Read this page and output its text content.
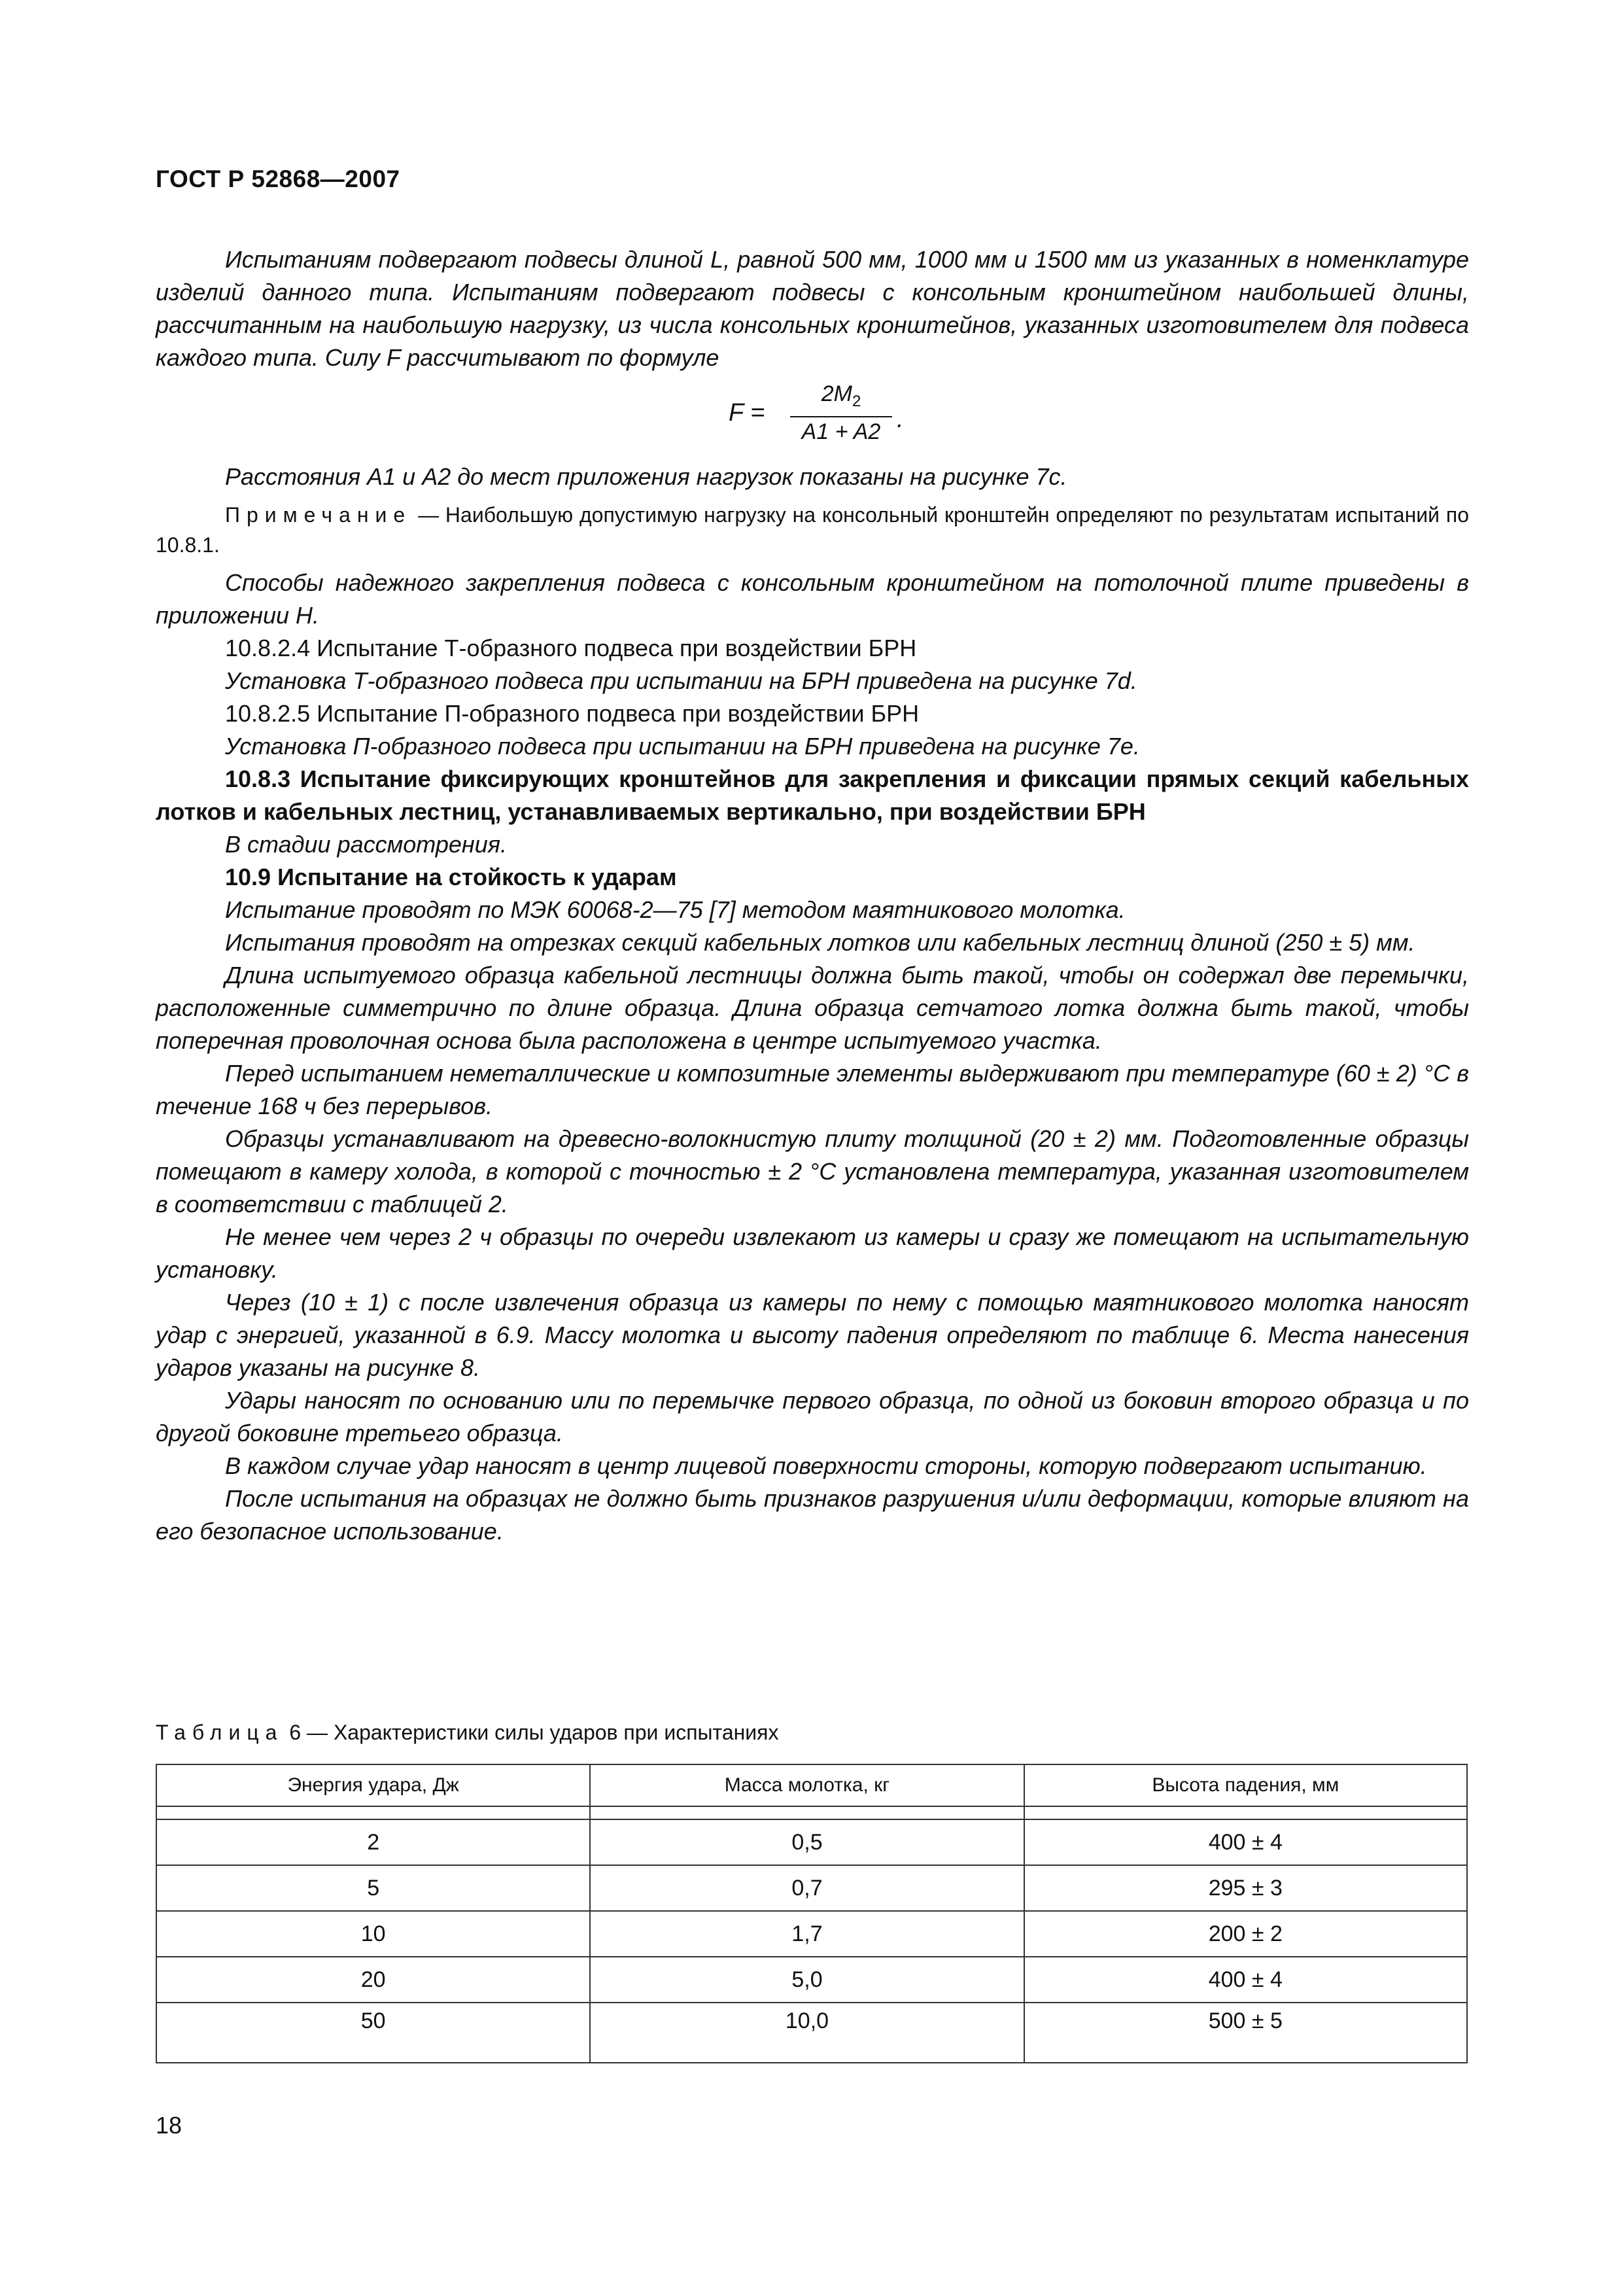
ГОСТ Р 52868—2007

Испытаниям подвергают подвесы длиной L, равной 500 мм, 1000 мм и 1500 мм из указанных в номенклатуре изделий данного типа. Испытаниям подвергают подвесы с консольным кронштейном наибольшей длины, рассчитанным на наибольшую нагрузку, из числа консольных кронштейнов, указанных изготовителем для подвеса каждого типа. Силу F рассчитывают по формуле

F =
$2M_2$
A1 + A2 .

Расстояния А1 и А2 до мест приложения нагрузок показаны на рисунке 7c.

Примечание — Наибольшую допустимую нагрузку на консольный кронштейн определяют по результатам испытаний по 10.8.1.

Способы надежного закрепления подвеса с консольным кронштейном на потолочной плите приведены в приложении Н.

10.8.2.4 Испытание Т-образного подвеса при воздействии БРН

Установка Т-образного подвеса при испытании на БРН приведена на рисунке 7d.

10.8.2.5 Испытание П-образного подвеса при воздействии БРН

Установка П-образного подвеса при испытании на БРН приведена на рисунке 7e.

10.8.3 Испытание фиксирующих кронштейнов для закрепления и фиксации прямых секций кабельных лотков и кабельных лестниц, устанавливаемых вертикально, при воздействии БРН

В стадии рассмотрения.

10.9 Испытание на стойкость к ударам

Испытание проводят по МЭК 60068-2—75 [7] методом маятникового молотка.

Испытания проводят на отрезках секций кабельных лотков или кабельных лестниц длиной (250 ± 5) мм.

Длина испытуемого образца кабельной лестницы должна быть такой, чтобы он содержал две перемычки, расположенные симметрично по длине образца. Длина образца сетчатого лотка должна быть такой, чтобы поперечная проволочная основа была расположена в центре испытуемого участка.

Перед испытанием неметаллические и композитные элементы выдерживают при температуре (60 ± 2) °С в течение 168 ч без перерывов.

Образцы устанавливают на древесно-волокнистую плиту толщиной (20 ± 2) мм. Подготовленные образцы помещают в камеру холода, в которой с точностью ± 2 °С установлена температура, указанная изготовителем в соответствии с таблицей 2.

Не менее чем через 2 ч образцы по очереди извлекают из камеры и сразу же помещают на испытательную установку.

Через (10 ± 1) с после извлечения образца из камеры по нему с помощью маятникового молотка наносят удар с энергией, указанной в 6.9. Массу молотка и высоту падения определяют по таблице 6. Места нанесения ударов указаны на рисунке 8.

Удары наносят по основанию или по перемычке первого образца, по одной из боковин второго образца и по другой боковине третьего образца.

В каждом случае удар наносят в центр лицевой поверхности стороны, которую подвергают испытанию.

После испытания на образцах не должно быть признаков разрушения и/или деформации, которые влияют на его безопасное использование.

Таблица 6 — Характеристики силы ударов при испытаниях
Энергия удара, Дж	Масса молотка, кг	Высота падения, мм

2	0,5	400 ± 4
5	0,7	295 ± 3
10	1,7	200 ± 2
20	5,0	400 ± 4
50	10,0	500 ± 5
18
